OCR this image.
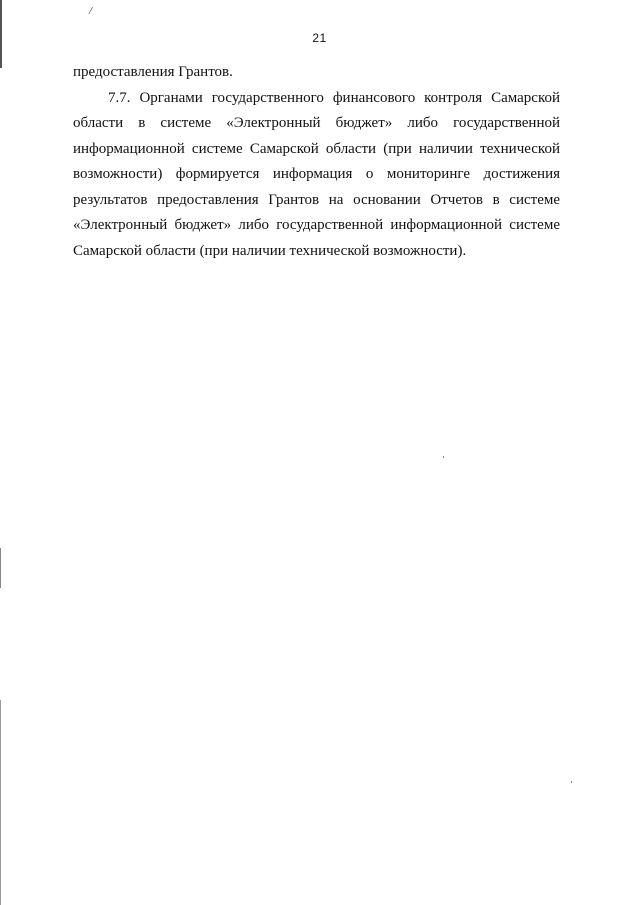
/
21

предоставления Грантов.

7.7. Органами государственного финансового контроля Самарской области в системе «Электронный бюджет» либо государственной информационной системе Самарской области (при наличии технической возможности) формируется информация о мониторинге достижения результатов предоставления Грантов на основании Отчетов в системе «Электронный бюджет» либо государственной информационной системе Самарской области (при наличии технической возможности).
